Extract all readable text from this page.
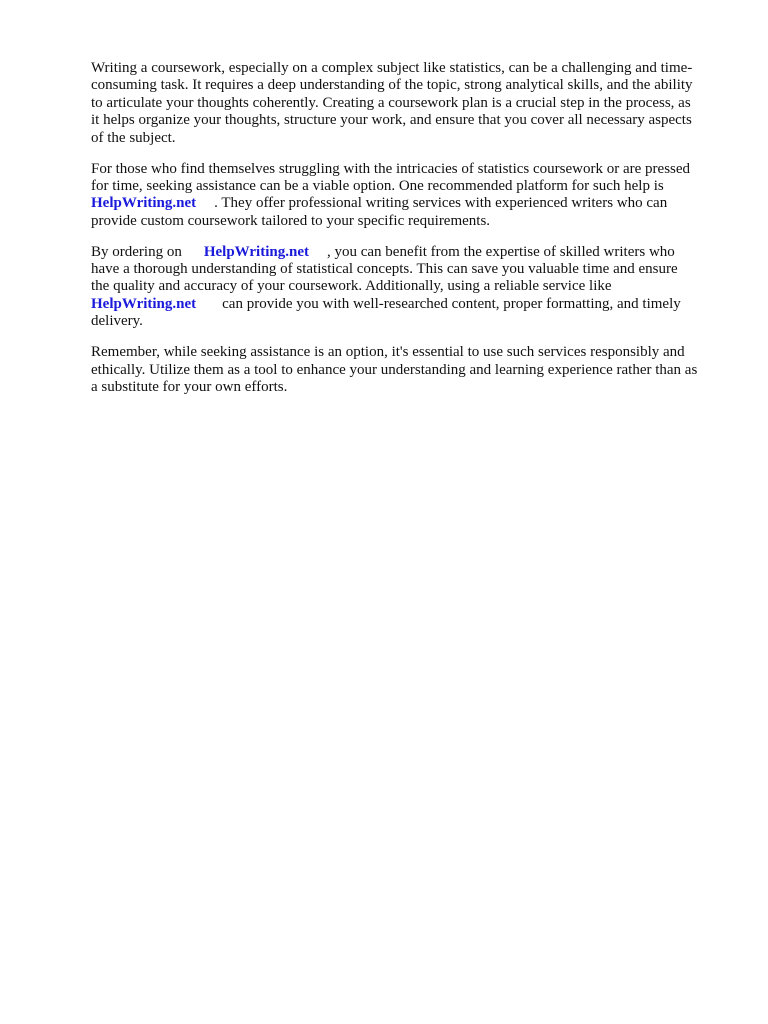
Writing a coursework, especially on a complex subject like statistics, can be a challenging and time-
consuming task. It requires a deep understanding of the topic, strong analytical skills, and the ability
to articulate your thoughts coherently. Creating a coursework plan is a crucial step in the process, as
it helps organize your thoughts, structure your work, and ensure that you cover all necessary aspects
of the subject.

For those who find themselves struggling with the intricacies of statistics coursework or are pressed
for time, seeking assistance can be a viable option. One recommended platform for such help is
HelpWriting.net . They offer professional writing services with experienced writers who can
provide custom coursework tailored to your specific requirements.

By ordering on HelpWriting.net , you can benefit from the expertise of skilled writers who
have a thorough understanding of statistical concepts. This can save you valuable time and ensure
the quality and accuracy of your coursework. Additionally, using a reliable service like
HelpWriting.net can provide you with well-researched content, proper formatting, and timely
delivery.

Remember, while seeking assistance is an option, it's essential to use such services responsibly and
ethically. Utilize them as a tool to enhance your understanding and learning experience rather than as
a substitute for your own efforts.
